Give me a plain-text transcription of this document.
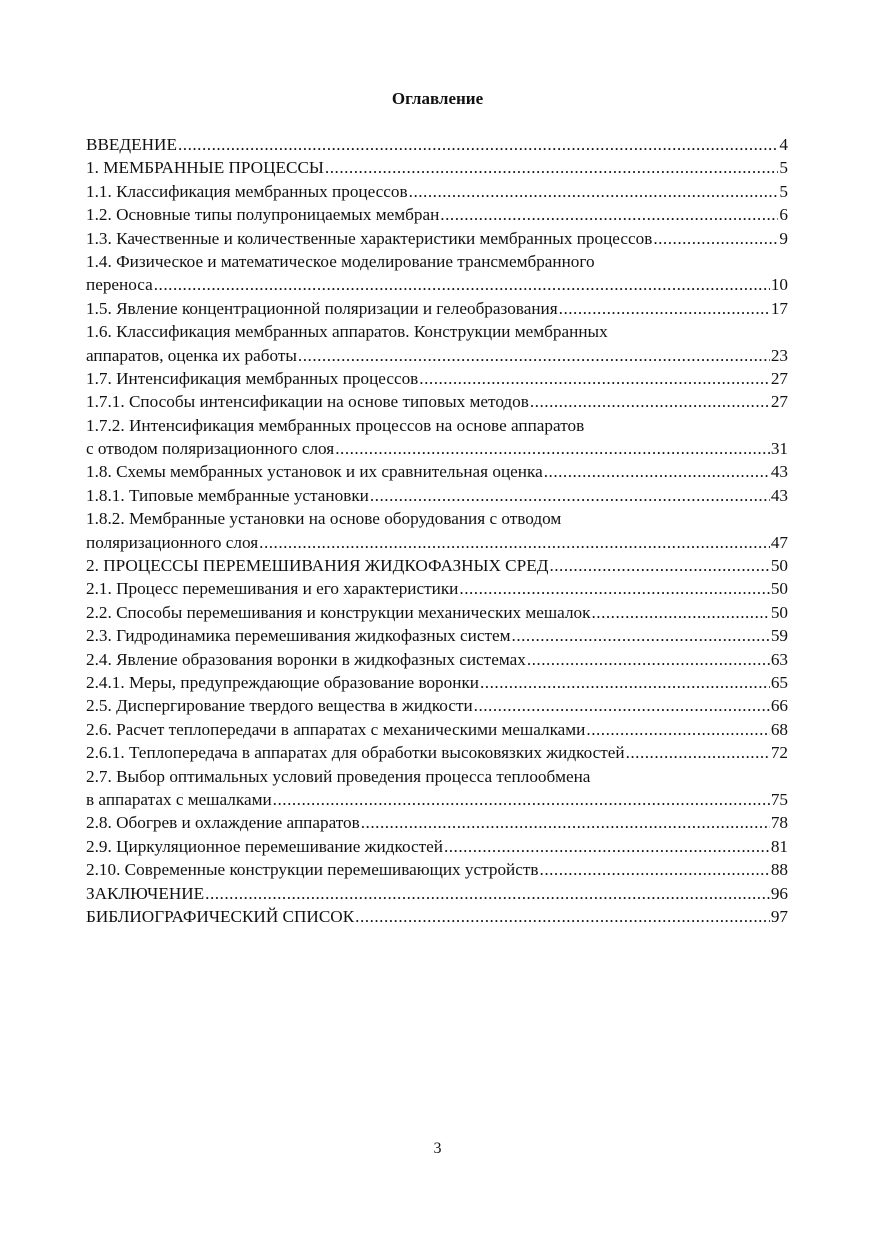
Оглавление
ВВЕДЕНИЕ .....	4
1. МЕМБРАННЫЕ ПРОЦЕССЫ .....	5
1.1. Классификация мембранных процессов .....	5
1.2. Основные типы полупроницаемых мембран .....	6
1.3. Качественные и количественные характеристики мембранных процессов .....	9
1.4. Физическое и математическое моделирование трансмембранного
переноса .....	10
1.5. Явление концентрационной поляризации и гелеобразования .....	17
1.6. Классификация мембранных аппаратов. Конструкции мембранных
аппаратов, оценка их работы .....	23
1.7. Интенсификация мембранных процессов .....	27
1.7.1. Способы интенсификации на основе типовых методов .....	27
1.7.2. Интенсификация мембранных процессов на основе аппаратов
с отводом поляризационного слоя .....	31
1.8. Схемы мембранных установок и их сравнительная оценка .....	43
1.8.1. Типовые мембранные установки .....	43
1.8.2. Мембранные установки на основе оборудования с отводом
поляризационного слоя .....	47
2. ПРОЦЕССЫ ПЕРЕМЕШИВАНИЯ ЖИДКОФАЗНЫХ СРЕД .....	50
2.1. Процесс перемешивания и его характеристики .....	50
2.2. Способы перемешивания и конструкции механических мешалок .....	50
2.3. Гидродинамика перемешивания жидкофазных систем .....	59
2.4. Явление образования воронки в жидкофазных системах .....	63
2.4.1. Меры, предупреждающие образование воронки .....	65
2.5. Диспергирование твердого вещества в жидкости .....	66
2.6. Расчет теплопередачи в аппаратах с механическими мешалками .....	68
2.6.1. Теплопередача в аппаратах для обработки высоковязких жидкостей .....	72
2.7. Выбор оптимальных условий проведения процесса теплообмена
в аппаратах с мешалками .....	75
2.8. Обогрев и охлаждение аппаратов .....	78
2.9. Циркуляционное перемешивание жидкостей .....	81
2.10. Современные конструкции перемешивающих устройств .....	88
ЗАКЛЮЧЕНИЕ .....	96
БИБЛИОГРАФИЧЕСКИЙ СПИСОК .....	97
3
